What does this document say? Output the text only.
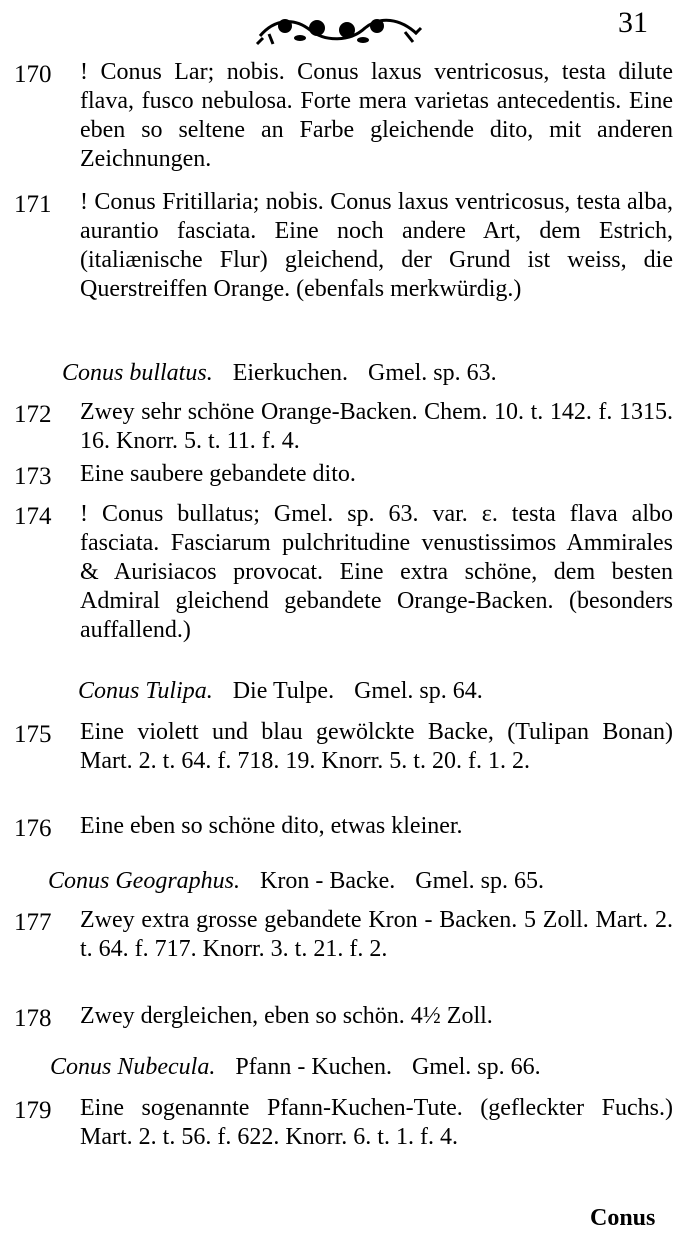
31
170	! Conus Lar; nobis. Conus laxus ventricosus, testa dilute flava, fusco nebulosa. Forte mera varietas antecedentis. Eine eben so seltene an Farbe gleichende dito, mit anderen Zeichnungen.
171	! Conus Fritillaria; nobis. Conus laxus ventricosus, testa alba, aurantio fasciata. Eine noch andere Art, dem Estrich, (italiænische Flur) gleichend, der Grund ist weiss, die Querstreiffen Orange. (ebenfals merkwürdig.)
Conus bullatus. Eierkuchen. Gmel. sp. 63.
172	Zwey sehr schöne Orange-Backen. Chem. 10. t. 142. f. 1315. 16. Knorr. 5. t. 11. f. 4.
173	Eine saubere gebandete dito.
174	! Conus bullatus; Gmel. sp. 63. var. ε. testa flava albo fasciata. Fasciarum pulchritudine venustissimos Ammirales & Aurisiacos provocat. Eine extra schöne, dem besten Admiral gleichend gebandete Orange-Backen. (besonders auffallend.)
Conus Tulipa. Die Tulpe. Gmel. sp. 64.
175	Eine violett und blau gewölckte Backe, (Tulipan Bonan) Mart. 2. t. 64. f. 718. 19. Knorr. 5. t. 20. f. 1. 2.
176	Eine eben so schöne dito, etwas kleiner.
Conus Geographus. Kron - Backe. Gmel. sp. 65.
177	Zwey extra grosse gebandete Kron - Backen. 5 Zoll. Mart. 2. t. 64. f. 717. Knorr. 3. t. 21. f. 2.
178	Zwey dergleichen, eben so schön. 4½ Zoll.
Conus Nubecula. Pfann - Kuchen. Gmel. sp. 66.
179	Eine sogenannte Pfann-Kuchen-Tute. (gefleckter Fuchs.) Mart. 2. t. 56. f. 622. Knorr. 6. t. 1. f. 4.
Conus
